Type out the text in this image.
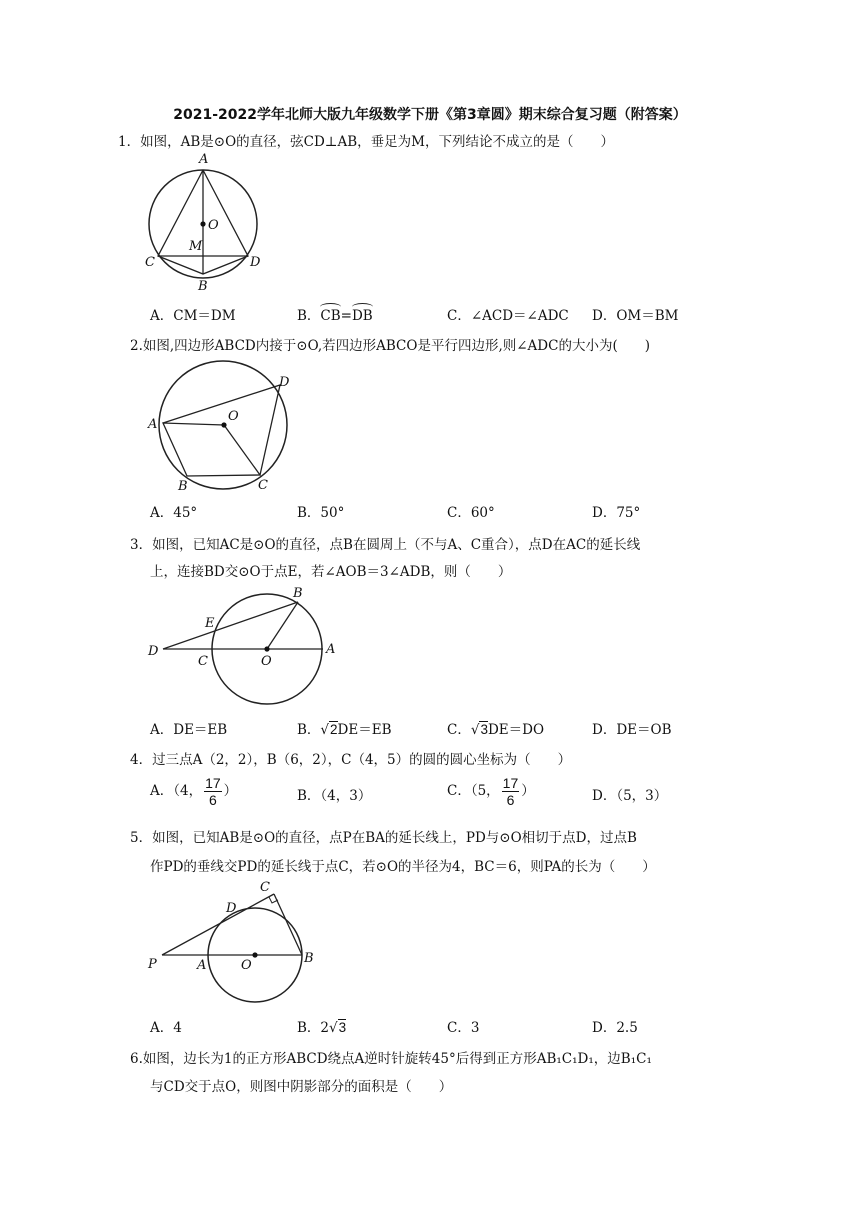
2021-2022学年北师大版九年级数学下册《第3章圆》期末综合复习题（附答案）
1．如图，AB是⊙O的直径，弦CD⊥AB，垂足为M，下列结论不成立的是（　　）
A
O
M
C	D
B
A．CM＝DM	B．CB=DB	C．∠ACD＝∠ADC D．OM＝BM
2.如图,四边形ABCD内接于⊙O,若四边形ABCO是平行四边形,则∠ADC的大小为(　　)
D
O
A
B	C
A．45°	B．50°	C．60°	D．75°
3．如图，已知AC是⊙O的直径，点B在圆周上（不与A、C重合），点D在AC的延长线
上，连接BD交⊙O于点E，若∠AOB＝3∠ADB，则（　　）
B
E
D
C	O
A
A．DE＝EB	B．√2DE＝EB	C．√3DE＝DO	D．DE＝OB
4．过三点A（2，2），B（6，2），C（4，5）的圆的圆心坐标为（　　）
A．（4， $\frac{17}{6}$ ）	B．（4，3）	C．（5， $\frac{17}{6}$ ）	D．（5，3）
5．如图，已知AB是⊙O的直径，点P在BA的延长线上，PD与⊙O相切于点D，过点B
作PD的垂线交PD的延长线于点C，若⊙O的半径为4，BC＝6，则PA的长为（　　）
C
D
P	A	O	B
A．4	B．2√3	C．3	D．2.5
6.如图，边长为1的正方形ABCD绕点A逆时针旋转45°后得到正方形AB₁C₁D₁，边B₁C₁
与CD交于点O，则图中阴影部分的面积是（　　）
